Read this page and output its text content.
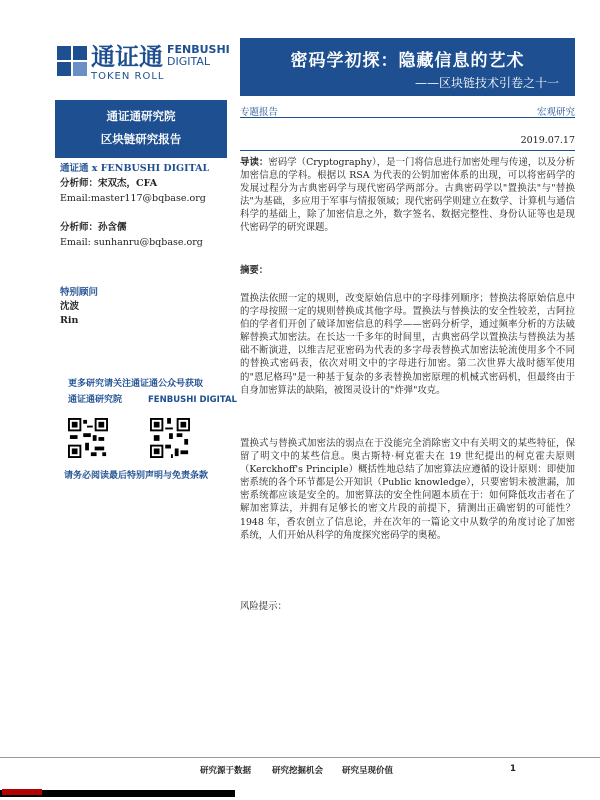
通证通 FENBUSHI
DIGITAL
TOKEN ROLL
密码学初探：隐藏信息的艺术
——区块链技术引卷之十一
通证通研究院
区块链研究报告
通证通 x FENBUSHI DIGITAL
分析师：宋双杰，CFA
Email:master117@bqbase.org
分析师：孙含儒
Email: sunhanru@bqbase.org
特别顾问
沈波
Rin
更多研究请关注通证通公众号获取
通证通研究院	FENBUSHI DIGITAL
请务必阅读最后特别声明与免责条款
专题报告	宏观研究
2019.07.17

导读：密码学（Cryptography），是一门将信息进行加密处理与传递，以及分析加密信息的学科。根据以 RSA 为代表的公钥加密体系的出现，可以将密码学的发展过程分为古典密码学与现代密码学两部分。古典密码学以"置换法"与"替换法"为基础，多应用于军事与情报领域；现代密码学则建立在数学、计算机与通信科学的基础上，除了加密信息之外，数字签名、数据完整性、身份认证等也是现代密码学的研究课题。

摘要：

置换法依照一定的规则，改变原始信息中的字母排列顺序；替换法将原始信息中的字母按照一定的规则替换成其他字母。置换法与替换法的安全性较差，古阿拉伯的学者们开创了破译加密信息的科学——密码分析学，通过频率分析的方法破解替换式加密法。在长达一千多年的时间里，古典密码学以置换法与替换法为基础不断演进，以维吉尼亚密码为代表的多字母表替换式加密法轮流使用多个不同的替换式密码表，依次对明文中的字母进行加密。第二次世界大战时德军使用的"恩尼格玛"是一种基于复杂的多表替换加密原理的机械式密码机，但最终由于自身加密算法的缺陷，被图灵设计的"炸弹"攻克。

置换式与替换式加密法的弱点在于没能完全消除密文中有关明文的某些特征，保留了明文中的某些信息。奥古斯特·柯克霍夫在 19 世纪提出的柯克霍夫原则（Kerckhoff's Principle）概括性地总结了加密算法应遵循的设计原则：即使加密系统的各个环节都是公开知识（Public knowledge），只要密钥未被泄漏，加密系统都应该是安全的。加密算法的安全性问题本质在于：如何降低攻击者在了解加密算法，并拥有足够长的密文片段的前提下，猜测出正确密钥的可能性？1948 年，香农创立了信息论，并在次年的一篇论文中从数学的角度讨论了加密系统，人们开始从科学的角度探究密码学的奥秘。

风险提示：
研究源于数据 研究挖掘机会 研究呈现价值	1
